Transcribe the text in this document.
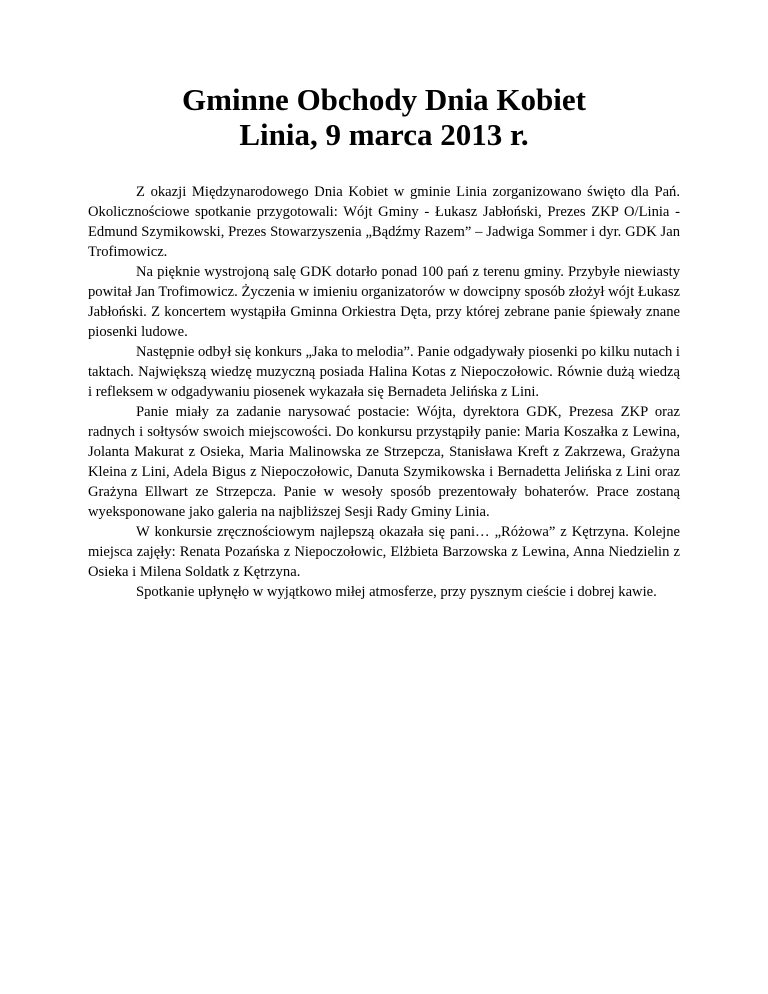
Gminne Obchody Dnia Kobiet
Linia, 9 marca 2013 r.

Z okazji Międzynarodowego Dnia Kobiet w gminie Linia zorganizowano święto dla Pań. Okolicznościowe spotkanie przygotowali: Wójt Gminy - Łukasz Jabłoński, Prezes ZKP O/Linia - Edmund Szymikowski, Prezes Stowarzyszenia „Bądźmy Razem” – Jadwiga Sommer i dyr. GDK Jan Trofimowicz.

Na pięknie wystrojoną salę GDK dotarło ponad 100 pań z terenu gminy. Przybyłe niewiasty powitał Jan Trofimowicz. Życzenia w imieniu organizatorów w dowcipny sposób złożył wójt Łukasz Jabłoński. Z koncertem wystąpiła Gminna Orkiestra Dęta, przy której zebrane panie śpiewały znane piosenki ludowe.

Następnie odbył się konkurs „Jaka to melodia”. Panie odgadywały piosenki po kilku nutach i taktach. Największą wiedzę muzyczną posiada Halina Kotas z Niepoczołowic. Równie dużą wiedzą i refleksem w odgadywaniu piosenek wykazała się Bernadeta Jelińska z Lini.

Panie miały za zadanie narysować postacie: Wójta, dyrektora GDK, Prezesa ZKP oraz radnych i sołtysów swoich miejscowości. Do konkursu przystąpiły panie: Maria Koszałka z Lewina, Jolanta Makurat z Osieka, Maria Malinowska ze Strzepcza, Stanisława Kreft z Zakrzewa, Grażyna Kleina z Lini, Adela Bigus z Niepoczołowic, Danuta Szymikowska i Bernadetta Jelińska z Lini oraz Grażyna Ellwart ze Strzepcza. Panie w wesoły sposób prezentowały bohaterów. Prace zostaną wyeksponowane jako galeria na najbliższej Sesji Rady Gminy Linia.

W konkursie zręcznościowym najlepszą okazała się pani… „Różowa” z Kętrzyna. Kolejne miejsca zajęły: Renata Pozańska z Niepoczołowic, Elżbieta Barzowska z Lewina, Anna Niedzielin z Osieka i Milena Soldatk z Kętrzyna.

Spotkanie upłynęło w wyjątkowo miłej atmosferze, przy pysznym cieście i dobrej kawie.
